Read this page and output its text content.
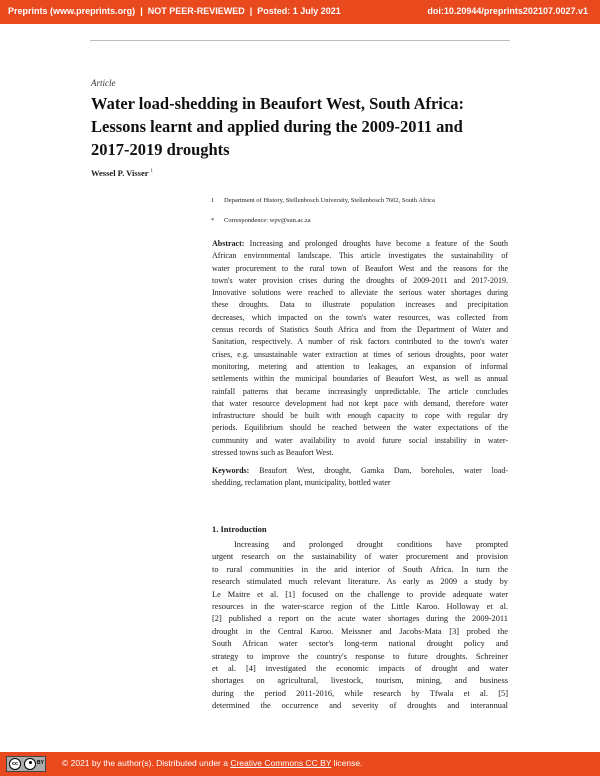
Preprints (www.preprints.org) | NOT PEER-REVIEWED | Posted: 1 July 2021	doi:10.20944/preprints202107.0027.v1
Article
Water load-shedding in Beaufort West, South Africa:
Lessons learnt and applied during the 2009-2011 and
2017-2019 droughts
Wessel P. Visser $^1$
1 Department of History, Stellenbosch University, Stellenbosch 7602, South Africa
* Correspondence: wpv@sun.ac.za
Abstract: Increasing and prolonged droughts have become a feature of the South
African environmental landscape. This article investigates the sustainability of
water procurement to the rural town of Beaufort West and the reasons for the
town's water provision crises during the droughts of 2009-2011 and 2017-2019.
Innovative solutions were reached to alleviate the serious water shortages during
these droughts. Data to illustrate population increases and precipitation
decreases, which impacted on the town's water resources, was collected from
census records of Statistics South Africa and from the Department of Water and
Sanitation, respectively. A number of risk factors contributed to the town's water
crises, e.g. unsustainable water extraction at times of serious droughts, poor water
monitoring, metering and attention to leakages, an expansion of informal
settlements within the municipal boundaries of Beaufort West, as well as annual
rainfall patterns that became increasingly unpredictable. The article concludes
that water resource development had not kept pace with demand, therefore water
infrastructure should be built with enough capacity to cope with regular dry
periods. Equilibrium should be reached between the water expectations of the
community and water availability to avoid future social instability in water-
stressed towns such as Beaufort West.
Keywords: Beaufort West, drought, Gamka Dam, boreholes, water load-
shedding, reclamation plant, municipality, bottled water
1. Introduction
Increasing and prolonged drought conditions have prompted
urgent research on the sustainability of water procurement and provision
to rural communities in the arid interior of South Africa. In turn the
research stimulated much relevant literature. As early as 2009 a study by
Le Maitre et al. [1] focused on the challenge to provide adequate water
resources in the water-scarce region of the Little Karoo. Holloway et al.
[2] published a report on the acute water shortages during the 2009-2011
drought in the Central Karoo. Meissner and Jacobs-Mata [3] probed the
South African water sector's long-term national drought policy and
strategy to improve the country's response to future droughts. Schreiner
et al. [4] investigated the economic impacts of drought and water
shortages on agricultural, livestock, tourism, mining, and business
during the period 2011-2016, while research by Tfwala et al. [5]
determined the occurrence and severity of droughts and interannual
cc	BY © 2021 by the author(s). Distributed under a Creative Commons CC BY license.
